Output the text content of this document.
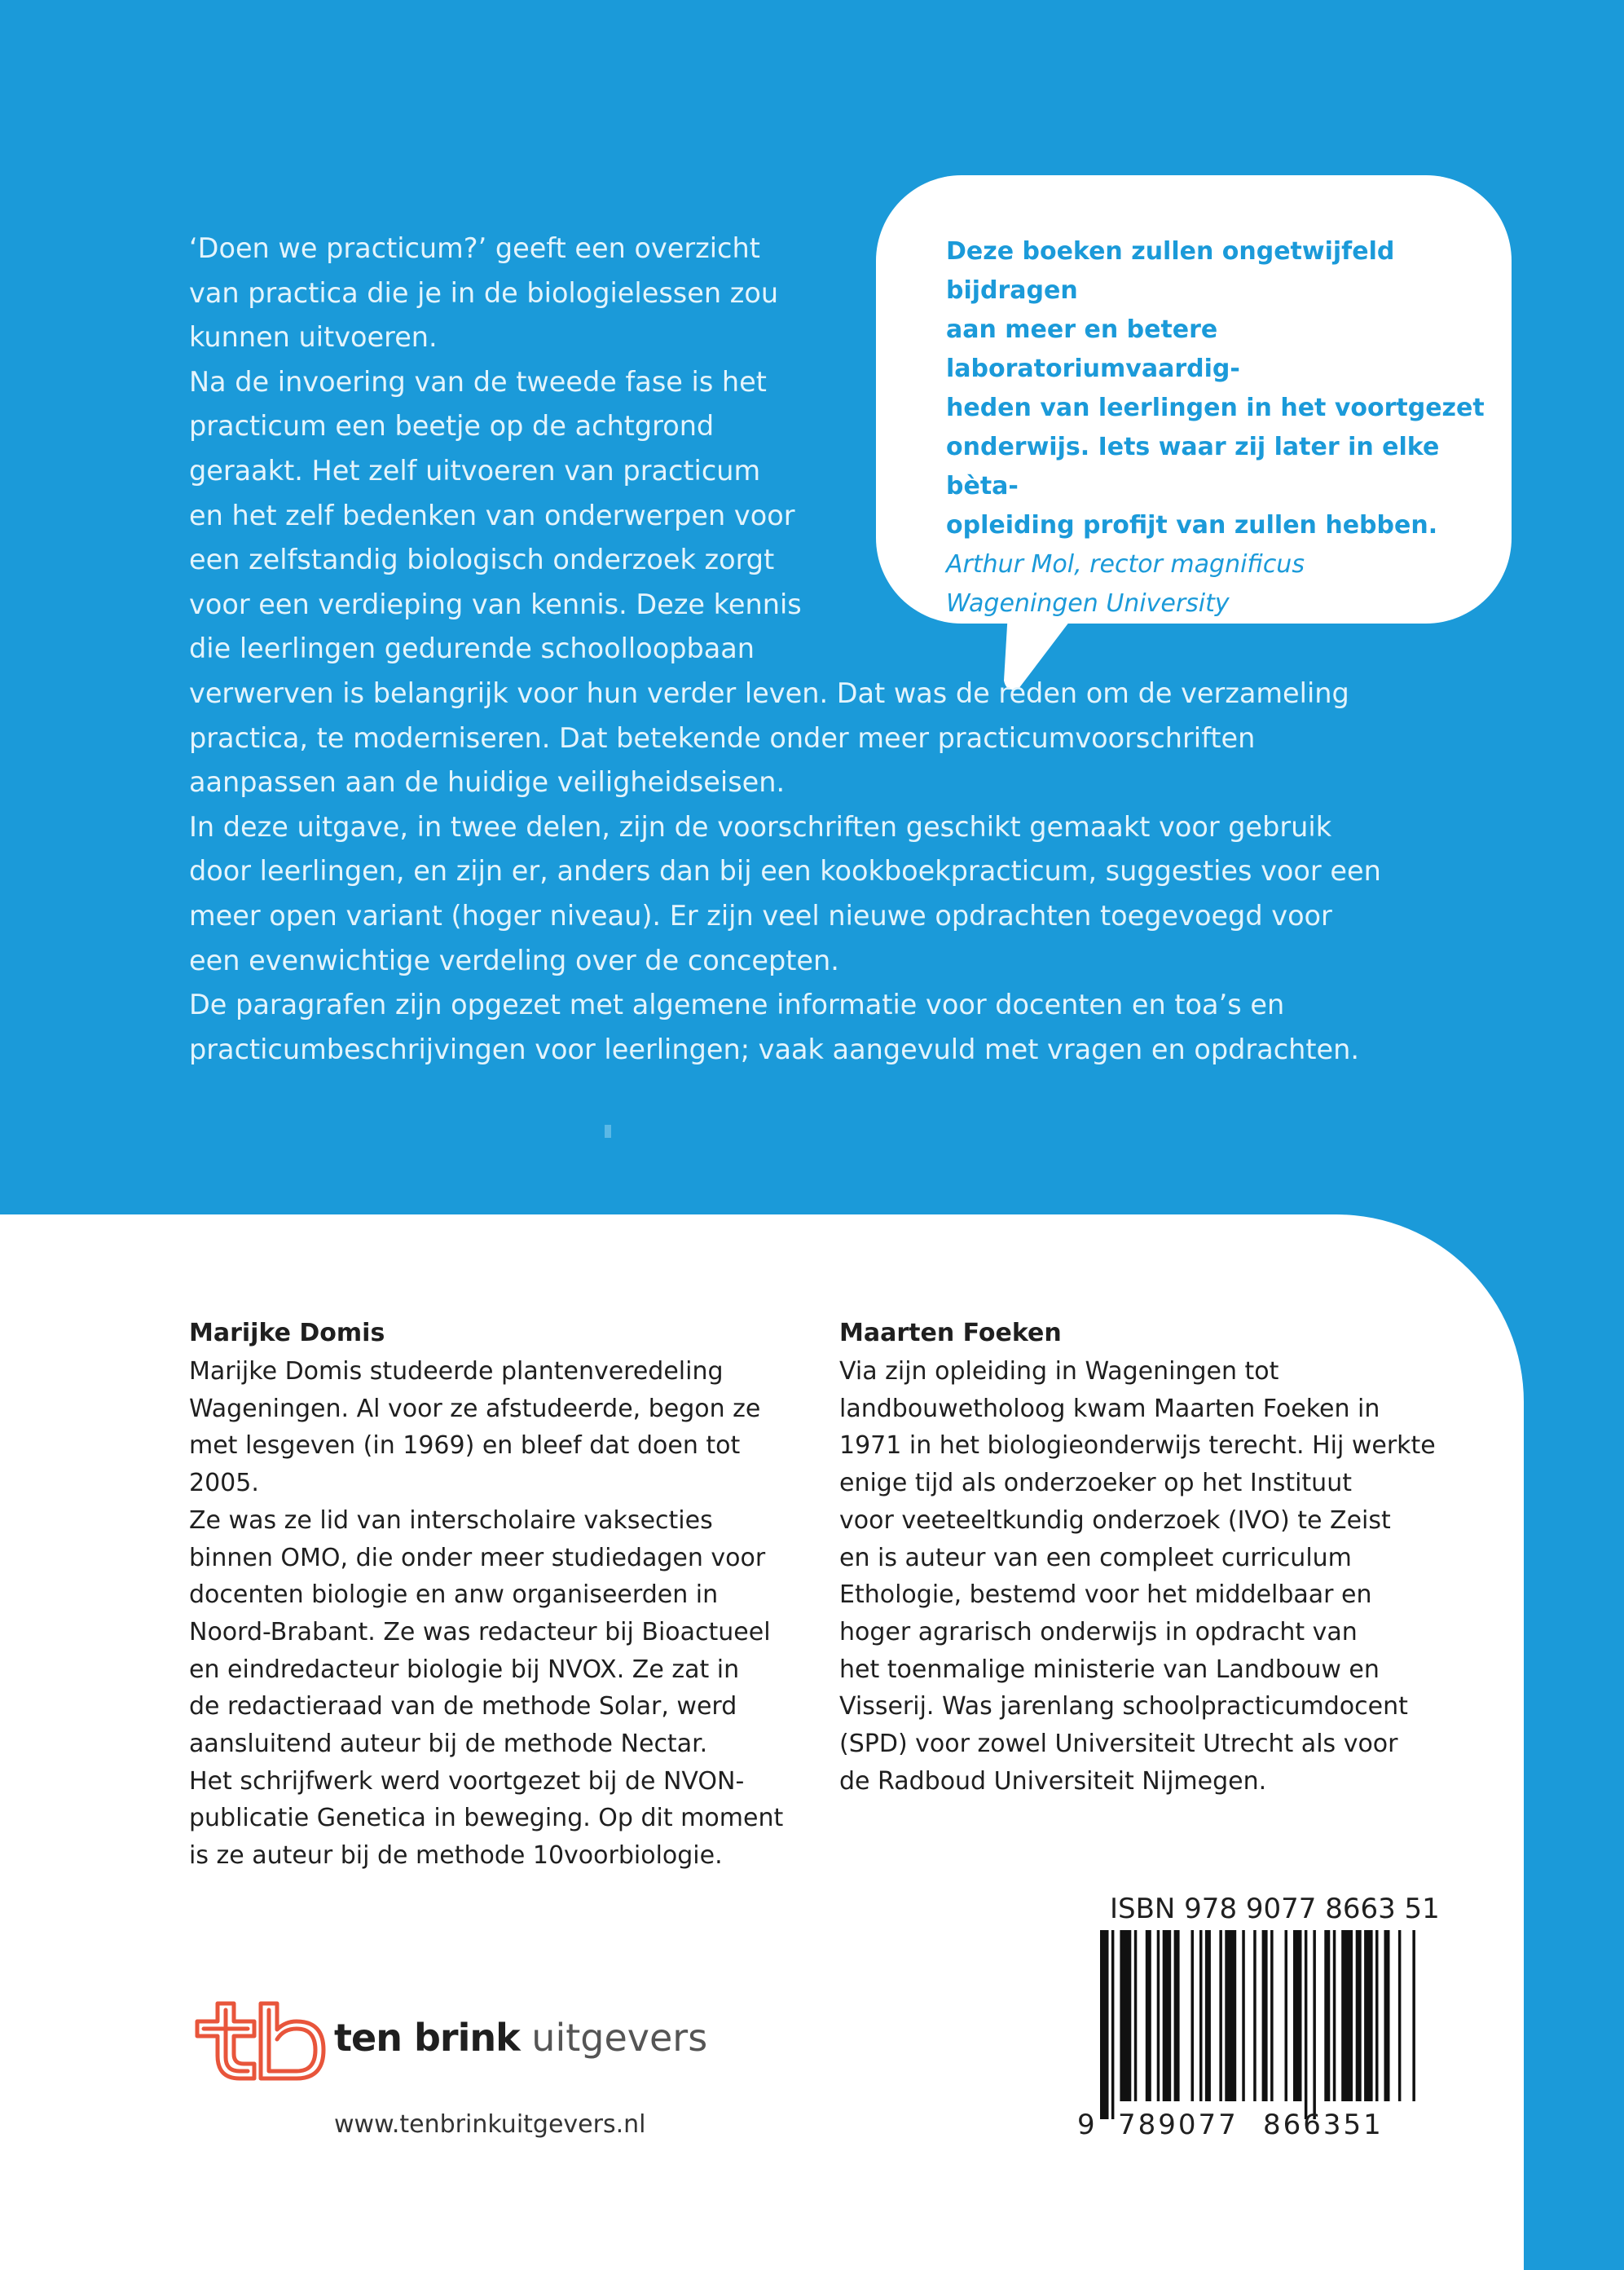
Deze boeken zullen ongetwijfeld bijdragen
aan meer en betere laboratoriumvaardig-
heden van leerlingen in het voortgezet
onderwijs. Iets waar zij later in elke bèta-
opleiding profijt van zullen hebben.

Arthur Mol, rector magnificus

Wageningen University

‘Doen we practicum?’ geeft een overzicht
van practica die je in de biologielessen zou
kunnen uitvoeren.

Na de invoering van de tweede fase is het
practicum een beetje op de achtgrond
geraakt. Het zelf uitvoeren van practicum
en het zelf bedenken van onderwerpen voor
een zelfstandig biologisch onderzoek zorgt
voor een verdieping van kennis. Deze kennis
die leerlingen gedurende schoolloopbaan
verwerven is belangrijk voor hun verder leven. Dat was de reden om de verzameling
practica, te moderniseren. Dat betekende onder meer practicumvoorschriften
aanpassen aan de huidige veiligheidseisen.

In deze uitgave, in twee delen, zijn de voorschriften geschikt gemaakt voor gebruik
door leerlingen, en zijn er, anders dan bij een kookboekpracticum, suggesties voor een
meer open variant (hoger niveau). Er zijn veel nieuwe opdrachten toegevoegd voor
een evenwichtige verdeling over de concepten.

De paragrafen zijn opgezet met algemene informatie voor docenten en toa’s en
practicumbeschrijvingen voor leerlingen; vaak aangevuld met vragen en opdrachten.

Marijke Domis

Marijke Domis studeerde plantenveredeling
Wageningen. Al voor ze afstudeerde, begon ze
met lesgeven (in 1969) en bleef dat doen tot 2005.
Ze was ze lid van interscholaire vaksecties
binnen OMO, die onder meer studiedagen voor
docenten biologie en anw organiseerden in
Noord-Brabant. Ze was redacteur bij Bioactueel
en eindredacteur biologie bij NVOX. Ze zat in
de redactieraad van de methode Solar, werd
aansluitend auteur bij de methode Nectar.
Het schrijfwerk werd voortgezet bij de NVON-
publicatie Genetica in beweging. Op dit moment
is ze auteur bij de methode 10voorbiologie.

Maarten Foeken

Via zijn opleiding in Wageningen tot
landbouwetholoog kwam Maarten Foeken in
1971 in het biologieonderwijs terecht. Hij werkte
enige tijd als onderzoeker op het Instituut
voor veeteeltkundig onderzoek (IVO) te Zeist
en is auteur van een compleet curriculum
Ethologie, bestemd voor het middelbaar en
hoger agrarisch onderwijs in opdracht van
het toenmalige ministerie van Landbouw en
Visserij. Was jarenlang schoolpracticumdocent
(SPD) voor zowel Universiteit Utrecht als voor
de Radboud Universiteit Nijmegen.

ten brink uitgevers
www.tenbrinkuitgevers.nl
ISBN 978 9077 8663 51
9 789077 866351
